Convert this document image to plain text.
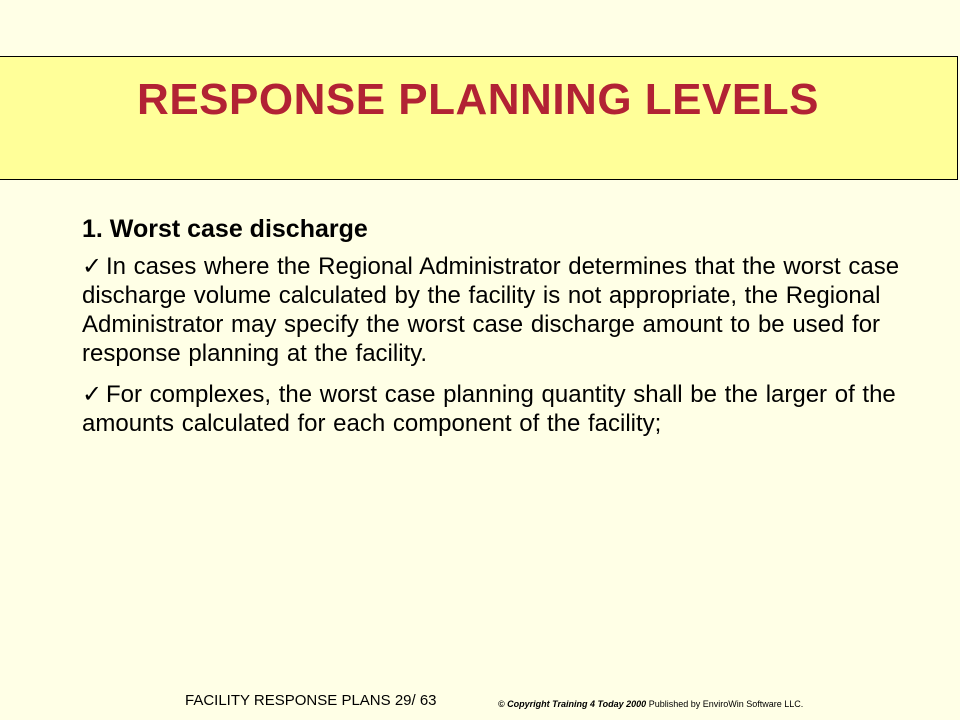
RESPONSE PLANNING LEVELS

1. Worst case discharge

✓ In cases where the Regional Administrator determines that the worst case discharge volume calculated by the facility is not appropriate, the Regional Administrator may specify the worst case discharge amount to be used for response planning at the facility.

✓ For complexes, the worst case planning quantity shall be the larger of the amounts calculated for each component of the facility;

FACILITY RESPONSE PLANS 29/ 63	© Copyright Training 4 Today 2000 Published by EnviroWin Software LLC.
